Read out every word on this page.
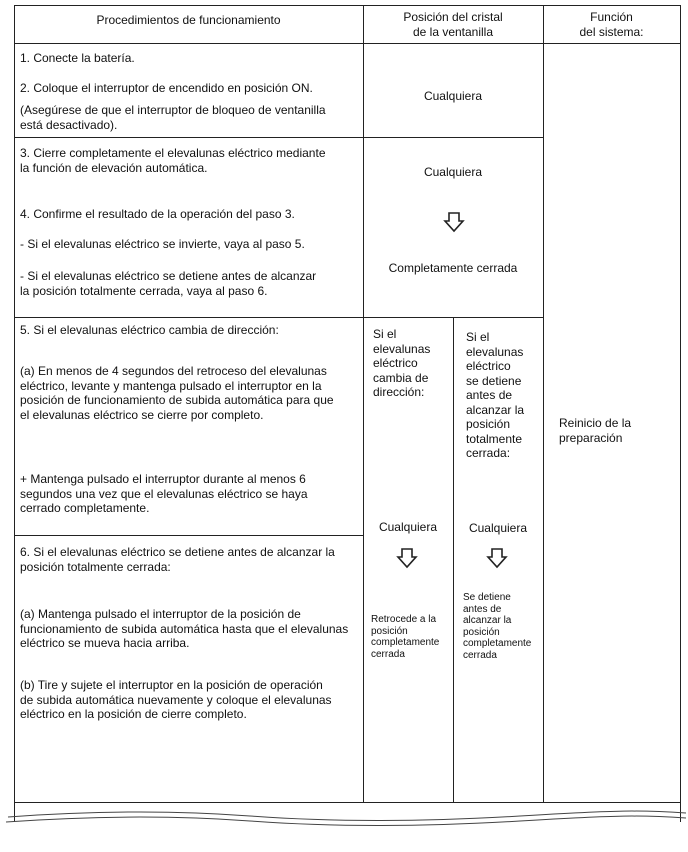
Procedimientos de funcionamiento	Posición del cristal
de la ventanilla
Función
del sistema:
1. Conecte la batería.
2. Coloque el interruptor de encendido en posición ON.
(Asegúrese de que el interruptor de bloqueo de ventanilla
está desactivado).
3. Cierre completamente el elevalunas eléctrico mediante
la función de elevación automática.
4. Confirme el resultado de la operación del paso 3.
- Si el elevalunas eléctrico se invierte, vaya al paso 5.
- Si el elevalunas eléctrico se detiene antes de alcanzar
la posición totalmente cerrada, vaya al paso 6.
5. Si el elevalunas eléctrico cambia de dirección:
(a) En menos de 4 segundos del retroceso del elevalunas
eléctrico, levante y mantenga pulsado el interruptor en la
posición de funcionamiento de subida automática para que
el elevalunas eléctrico se cierre por completo.
+ Mantenga pulsado el interruptor durante al menos 6
segundos una vez que el elevalunas eléctrico se haya
cerrado completamente.
6. Si el elevalunas eléctrico se detiene antes de alcanzar la
posición totalmente cerrada:
(a) Mantenga pulsado el interruptor de la posición de
funcionamiento de subida automática hasta que el elevalunas
eléctrico se mueva hacia arriba.
(b) Tire y sujete el interruptor en la posición de operación
de subida automática nuevamente y coloque el elevalunas
eléctrico en la posición de cierre completo.
Cualquiera
Cualquiera
Completamente cerrada
Si el
elevalunas
eléctrico
cambia de
dirección:
Si el
elevalunas
eléctrico
se detiene
antes de
alcanzar la
posición
totalmente
cerrada:
Cualquiera	Cualquiera
Retrocede a la
posición
completamente
cerrada
Se detiene
antes de
alcanzar la
posición
completamente
cerrada
Reinicio de la
preparación
